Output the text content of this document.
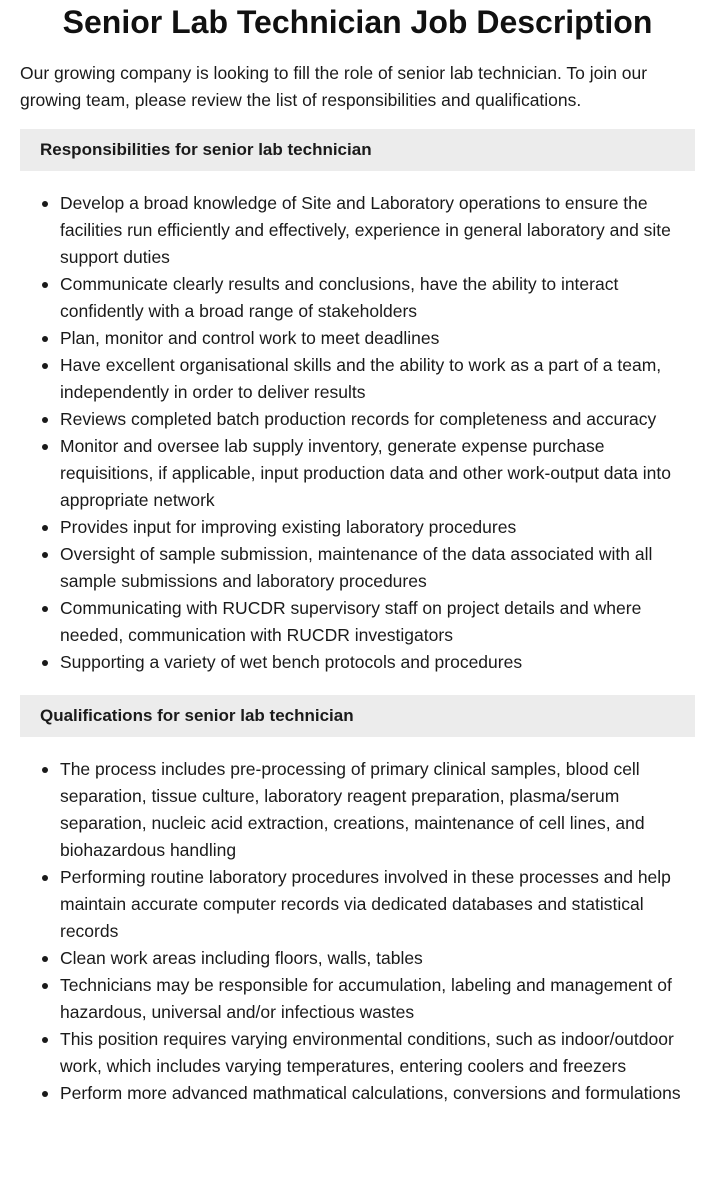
Senior Lab Technician Job Description

Our growing company is looking to fill the role of senior lab technician. To join our growing team, please review the list of responsibilities and qualifications.

Responsibilities for senior lab technician
Develop a broad knowledge of Site and Laboratory operations to ensure the facilities run efficiently and effectively, experience in general laboratory and site support duties
Communicate clearly results and conclusions, have the ability to interact confidently with a broad range of stakeholders
Plan, monitor and control work to meet deadlines
Have excellent organisational skills and the ability to work as a part of a team, independently in order to deliver results
Reviews completed batch production records for completeness and accuracy
Monitor and oversee lab supply inventory, generate expense purchase requisitions, if applicable, input production data and other work-output data into appropriate network
Provides input for improving existing laboratory procedures
Oversight of sample submission, maintenance of the data associated with all sample submissions and laboratory procedures
Communicating with RUCDR supervisory staff on project details and where needed, communication with RUCDR investigators
Supporting a variety of wet bench protocols and procedures
Qualifications for senior lab technician
The process includes pre-processing of primary clinical samples, blood cell separation, tissue culture, laboratory reagent preparation, plasma/serum separation, nucleic acid extraction, creations, maintenance of cell lines, and biohazardous handling
Performing routine laboratory procedures involved in these processes and help maintain accurate computer records via dedicated databases and statistical records
Clean work areas including floors, walls, tables
Technicians may be responsible for accumulation, labeling and management of hazardous, universal and/or infectious wastes
This position requires varying environmental conditions, such as indoor/outdoor work, which includes varying temperatures, entering coolers and freezers
Perform more advanced mathmatical calculations, conversions and formulations
